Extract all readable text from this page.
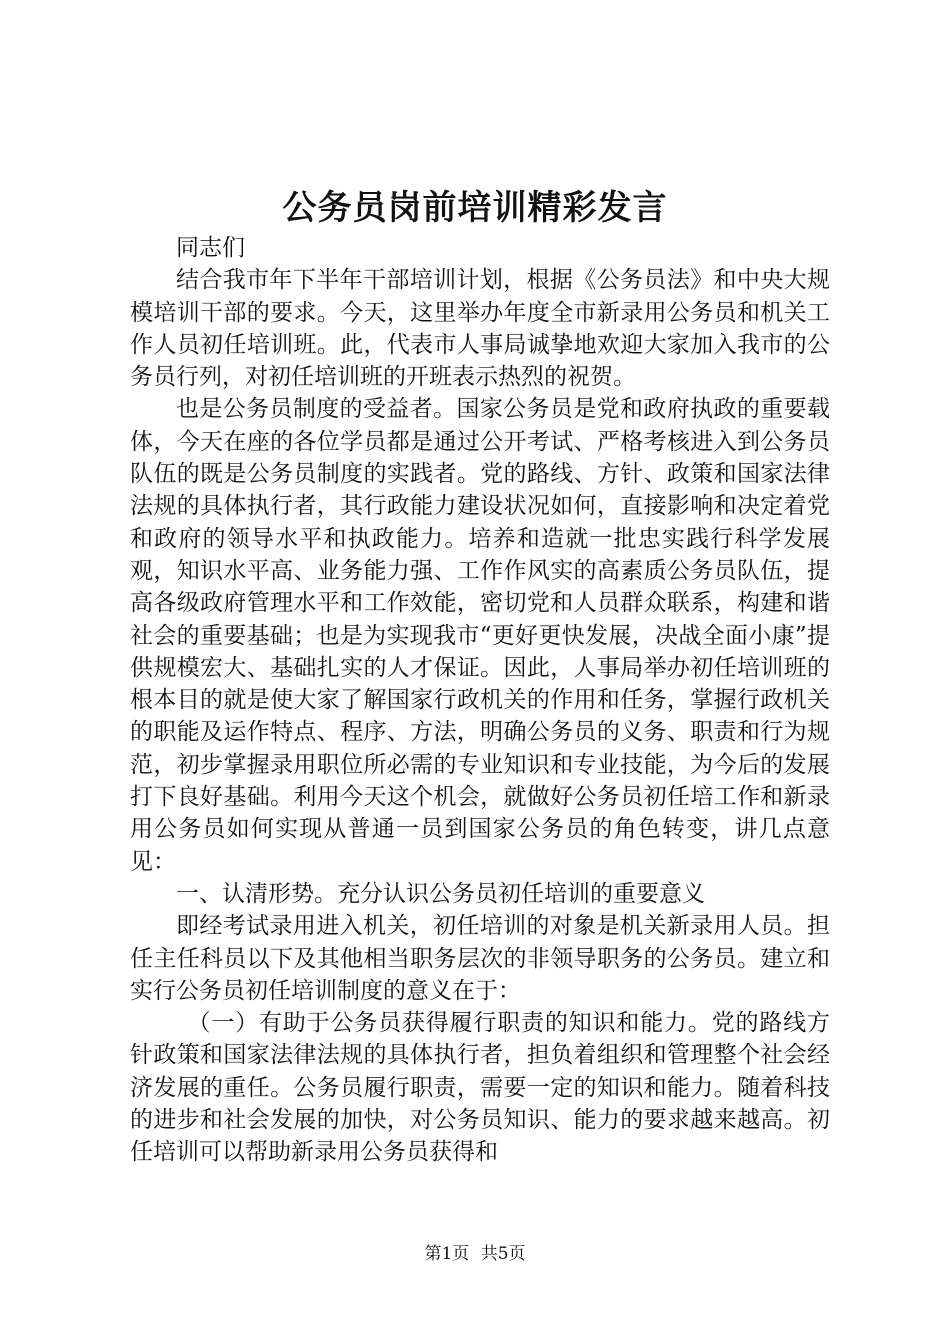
公务员岗前培训精彩发言

同志们

结合我市年下半年干部培训计划，根据《公务员法》和中央大规模培训干部的要求。今天，这里举办年度全市新录用公务员和机关工作人员初任培训班。此，代表市人事局诚挚地欢迎大家加入我市的公务员行列，对初任培训班的开班表示热烈的祝贺。

也是公务员制度的受益者。国家公务员是党和政府执政的重要载体，今天在座的各位学员都是通过公开考试、严格考核进入到公务员队伍的既是公务员制度的实践者。党的路线、方针、政策和国家法律法规的具体执行者，其行政能力建设状况如何，直接影响和决定着党和政府的领导水平和执政能力。培养和造就一批忠实践行科学发展观，知识水平高、业务能力强、工作作风实的高素质公务员队伍，提高各级政府管理水平和工作效能，密切党和人员群众联系，构建和谐社会的重要基础；也是为实现我市“更好更快发展，决战全面小康”提供规模宏大、基础扎实的人才保证。因此，人事局举办初任培训班的根本目的就是使大家了解国家行政机关的作用和任务，掌握行政机关的职能及运作特点、程序、方法，明确公务员的义务、职责和行为规范，初步掌握录用职位所必需的专业知识和专业技能，为今后的发展打下良好基础。利用今天这个机会，就做好公务员初任培工作和新录用公务员如何实现从普通一员到国家公务员的角色转变，讲几点意见：

一、认清形势。充分认识公务员初任培训的重要意义

即经考试录用进入机关，初任培训的对象是机关新录用人员。担任主任科员以下及其他相当职务层次的非领导职务的公务员。建立和实行公务员初任培训制度的意义在于：

（一）有助于公务员获得履行职责的知识和能力。党的路线方针政策和国家法律法规的具体执行者，担负着组织和管理整个社会经济发展的重任。公务员履行职责，需要一定的知识和能力。随着科技的进步和社会发展的加快，对公务员知识、能力的要求越来越高。初任培训可以帮助新录用公务员获得和

第1页 共5页
